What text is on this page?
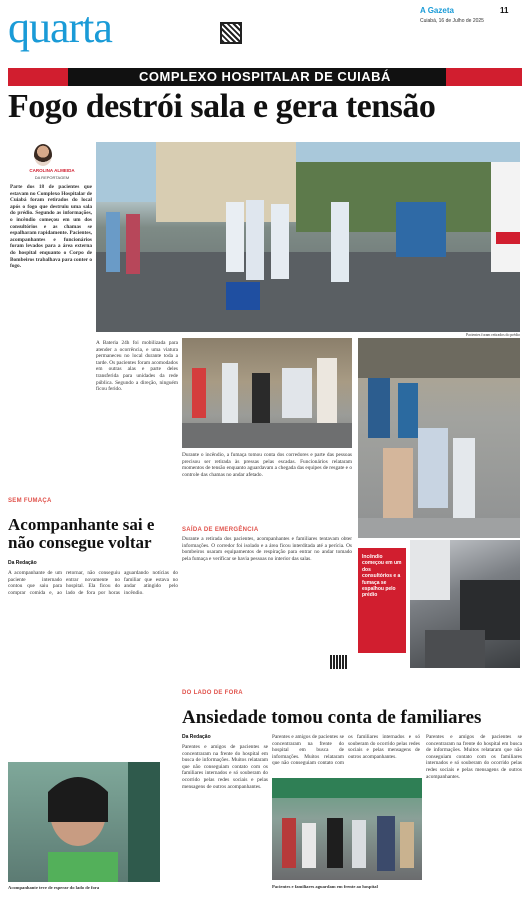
quarta	A Gazeta	11
Cuiabá, 16 de Julho de 2025
COMPLEXO HOSPITALAR DE CUIABÁ
Fogo destrói sala e gera tensão
CAROLINA ALMEIDA
DA REPORTAGEM
Parte dos 18 de pacientes que estavam no Complexo Hospitalar de Cuiabá foram retirados do local após o fogo que destruiu uma sala do prédio. Segundo as informações, o incêndio começou em um dos consultórios e as chamas se espalharam rapidamente. Pacientes, acompanhantes e funcionários foram levados para a área externa do hospital enquanto o Corpo de Bombeiros trabalhava para conter o fogo.
Pacientes foram retirados do prédio
A Bateria 24h foi mobilizada para atender a ocorrência, e uma viatura permaneceu no local durante toda a tarde. Os pacientes foram acomodados em outras alas e parte deles transferida para unidades da rede pública. Segundo a direção, ninguém ficou ferido.
Durante o incêndio, a fumaça tomou conta dos corredores e parte das pessoas precisou ser retirada às pressas pelas escadas. Funcionários relataram momentos de tensão enquanto aguardavam a chegada das equipes de resgate e o controle das chamas no andar afetado.
SAÍDA DE EMERGÊNCIA
Durante a retirada dos pacientes, acompanhantes e familiares tentavam obter informações. O corredor foi isolado e a área ficou interditada até a perícia. Os bombeiros usaram equipamentos de respiração para entrar no andar tomado pela fumaça e verificar se havia pessoas no interior das salas.	Incêndio começou em um dos consultórios e a fumaça se espalhou pelo prédio
SEM FUMAÇA
Acompanhante sai e não consegue voltar
Da Redação
A acompanhante de um paciente internado contou que saiu para comprar comida e, ao retornar, não conseguiu entrar novamente no hospital. Ela ficou do lado de fora por horas aguardando notícias do familiar que estava no andar atingido pelo incêndio.
Acompanhante teve de esperar do lado de fora
DO LADO DE FORA
Ansiedade tomou conta de familiares
Da Redação
Parentes e amigos de pacientes se concentraram na frente do hospital em busca de informações. Muitos relataram que não conseguiam contato com os familiares internados e só souberam do ocorrido pelas redes sociais e pelas mensagens de outros acompanhantes.
Parentes e amigos de pacientes se concentraram na frente do hospital em busca de informações. Muitos relataram que não conseguiam contato com os familiares internados e só souberam do ocorrido pelas redes sociais e pelas mensagens de outros acompanhantes.
Parentes e amigos de pacientes se concentraram na frente do hospital em busca de informações. Muitos relataram que não conseguiam contato com os familiares internados e só souberam do ocorrido pelas redes sociais e pelas mensagens de outros acompanhantes.
Pacientes e familiares aguardam em frente ao hospital
